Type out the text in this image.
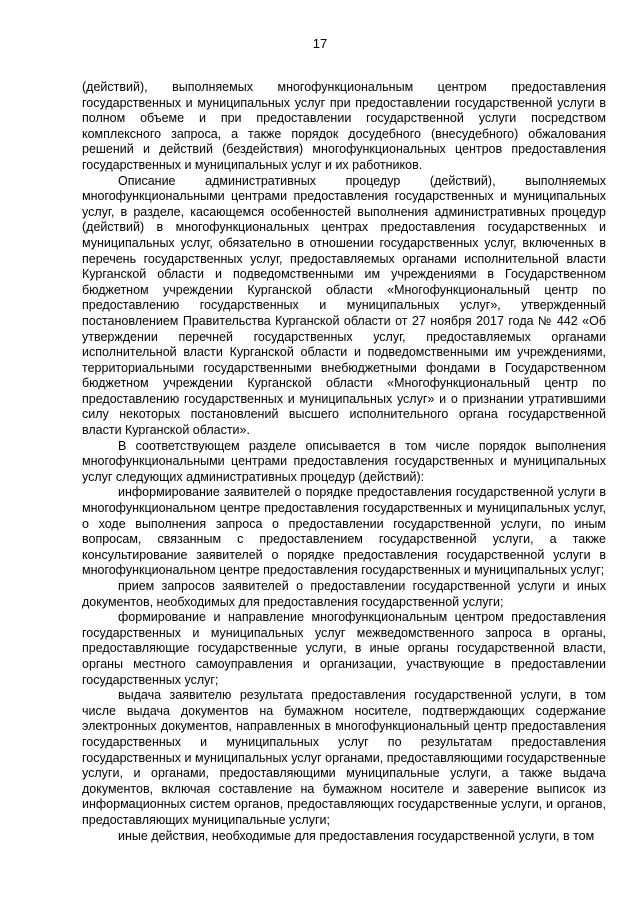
17

(действий), выполняемых многофункциональным центром предоставления государственных и муниципальных услуг при предоставлении государственной услуги в полном объеме и при предоставлении государственной услуги посредством комплексного запроса, а также порядок досудебного (внесудебного) обжалования решений и действий (бездействия) многофункциональных центров предоставления государственных и муниципальных услуг и их работников.

Описание административных процедур (действий), выполняемых многофункциональными центрами предоставления государственных и муниципальных услуг, в разделе, касающемся особенностей выполнения административных процедур (действий) в многофункциональных центрах предоставления государственных и муниципальных услуг, обязательно в отношении государственных услуг, включенных в перечень государственных услуг, предоставляемых органами исполнительной власти Курганской области и подведомственными им учреждениями в Государственном бюджетном учреждении Курганской области «Многофункциональный центр по предоставлению государственных и муниципальных услуг», утвержденный постановлением Правительства Курганской области от 27 ноября 2017 года № 442 «Об утверждении перечней государственных услуг, предоставляемых органами исполнительной власти Курганской области и подведомственными им учреждениями, территориальными государственными внебюджетными фондами в Государственном бюджетном учреждении Курганской области «Многофункциональный центр по предоставлению государственных и муниципальных услуг» и о признании утратившими силу некоторых постановлений высшего исполнительного органа государственной власти Курганской области».

В соответствующем разделе описывается в том числе порядок выполнения многофункциональными центрами предоставления государственных и муниципальных услуг следующих административных процедур (действий):

информирование заявителей о порядке предоставления государственной услуги в многофункциональном центре предоставления государственных и муниципальных услуг, о ходе выполнения запроса о предоставлении государственной услуги, по иным вопросам, связанным с предоставлением государственной услуги, а также консультирование заявителей о порядке предоставления государственной услуги в многофункциональном центре предоставления государственных и муниципальных услуг;

прием запросов заявителей о предоставлении государственной услуги и иных документов, необходимых для предоставления государственной услуги;

формирование и направление многофункциональным центром предоставления государственных и муниципальных услуг межведомственного запроса в органы, предоставляющие государственные услуги, в иные органы государственной власти, органы местного самоуправления и организации, участвующие в предоставлении государственных услуг;

выдача заявителю результата предоставления государственной услуги, в том числе выдача документов на бумажном носителе, подтверждающих содержание электронных документов, направленных в многофункциональный центр предоставления государственных и муниципальных услуг по результатам предоставления государственных и муниципальных услуг органами, предоставляющими государственные услуги, и органами, предоставляющими муниципальные услуги, а также выдача документов, включая составление на бумажном носителе и заверение выписок из информационных систем органов, предоставляющих государственные услуги, и органов, предоставляющих муниципальные услуги;

иные действия, необходимые для предоставления государственной услуги, в том
